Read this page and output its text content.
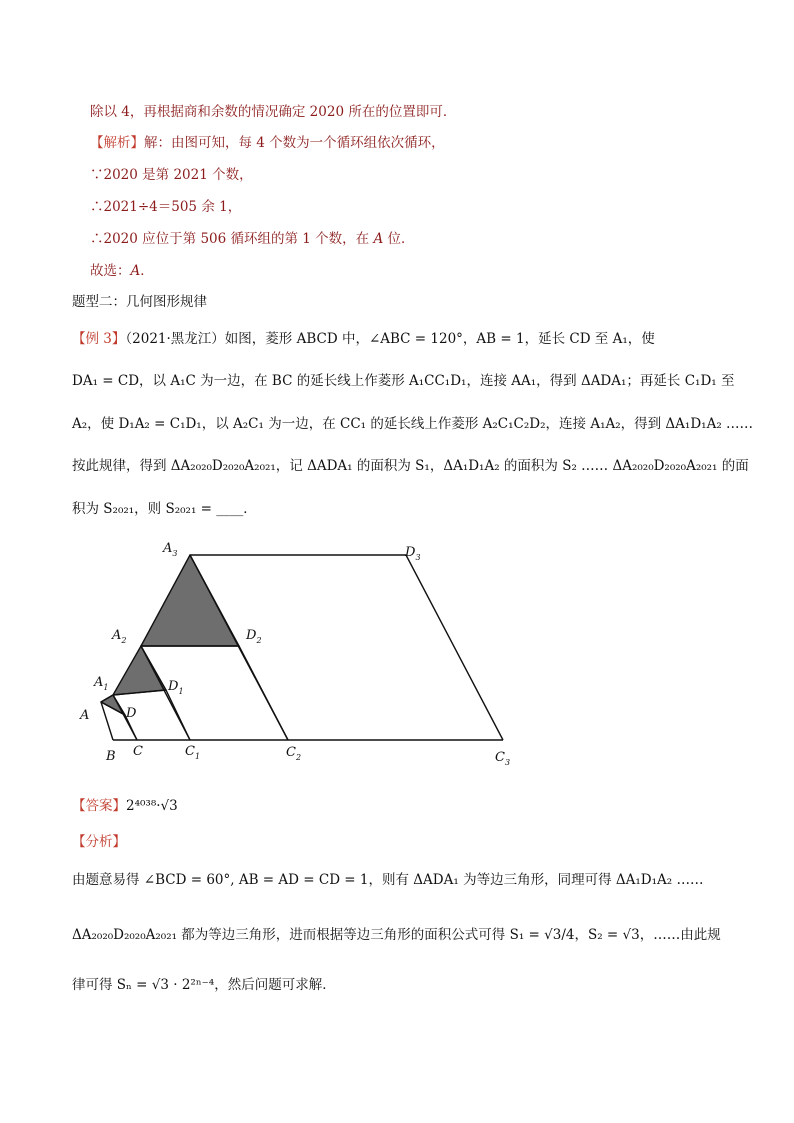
除以 4，再根据商和余数的情况确定 2020 所在的位置即可．
【解析】解：由图可知，每 4 个数为一个循环组依次循环，
∵2020 是第 2021 个数，
∴2021÷4＝505 余 1，
∴2020 应位于第 506 循环组的第 1 个数，在 A 位．
故选：A．
题型二：几何图形规律
【例 3】（2021·黑龙江）如图，菱形 ABCD 中，∠ABC = 120°，AB = 1，延长 CD 至 A₁，使
DA₁ = CD，以 A₁C 为一边，在 BC 的延长线上作菱形 A₁CC₁D₁，连接 AA₁，得到 ΔADA₁；再延长 C₁D₁ 至
A₂，使 D₁A₂ = C₁D₁，以 A₂C₁ 为一边，在 CC₁ 的延长线上作菱形 A₂C₁C₂D₂，连接 A₁A₂，得到 ΔA₁D₁A₂ ……
按此规律，得到 ΔA₂₀₂₀D₂₀₂₀A₂₀₂₁，记 ΔADA₁ 的面积为 S₁，ΔA₁D₁A₂ 的面积为 S₂ …… ΔA₂₀₂₀D₂₀₂₀A₂₀₂₁ 的面
积为 S₂₀₂₁，则 S₂₀₂₁ = ____．
$A_3$	$D_3$
$A_2$	$D_2$
$A_1$	$D_1$
A	D
B C	$C_1$	$C_2$	$C_3$
【答案】2⁴⁰³⁸·√3
【分析】
由题意易得 ∠BCD = 60°, AB = AD = CD = 1，则有 ΔADA₁ 为等边三角形，同理可得 ΔA₁D₁A₂ ……
ΔA₂₀₂₀D₂₀₂₀A₂₀₂₁ 都为等边三角形，进而根据等边三角形的面积公式可得 S₁ = √3/4，S₂ = √3，……由此规
律可得 Sₙ = √3 · 2²ⁿ⁻⁴，然后问题可求解．
